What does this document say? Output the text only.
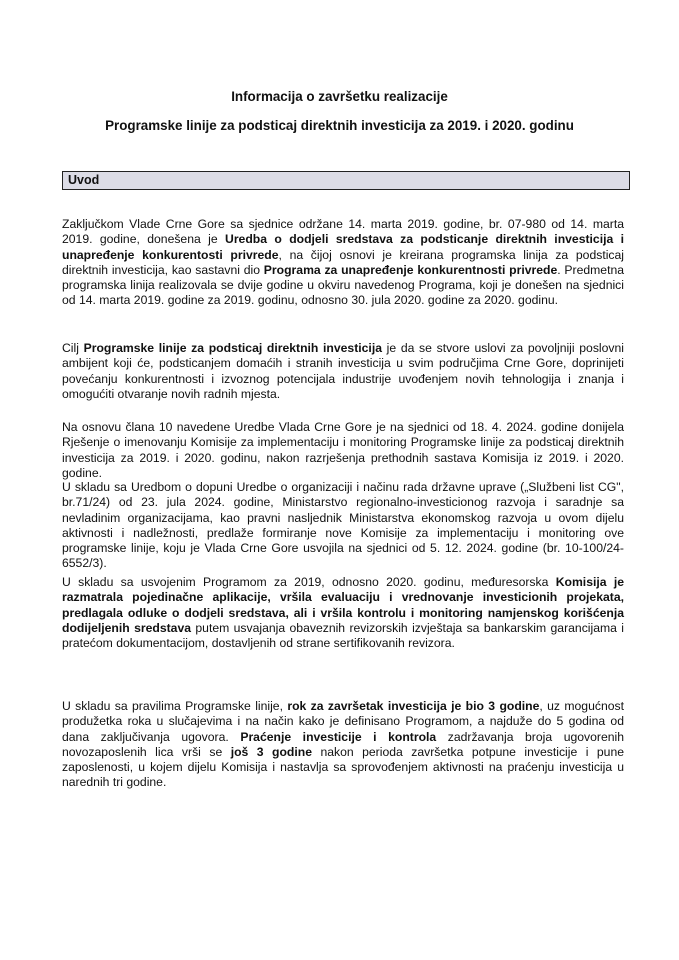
Informacija o završetku realizacije
Programske linije za podsticaj direktnih investicija za 2019. i 2020. godinu
Uvod

Zaključkom Vlade Crne Gore sa sjednice održane 14. marta 2019. godine, br. 07-980 od 14. marta 2019. godine, donešena je Uredba o dodjeli sredstava za podsticanje direktnih investicija i unapređenje konkurentosti privrede, na čijoj osnovi je kreirana programska linija za podsticaj direktnih investicija, kao sastavni dio Programa za unapređenje konkurentnosti privrede. Predmetna programska linija realizovala se dvije godine u okviru navedenog Programa, koji je donešen na sjednici od 14. marta 2019. godine za 2019. godinu, odnosno 30. jula 2020. godine za 2020. godinu.

Cilj Programske linije za podsticaj direktnih investicija je da se stvore uslovi za povoljniji poslovni ambijent koji će, podsticanjem domaćih i stranih investicija u svim područjima Crne Gore, doprinijeti povećanju konkurentnosti i izvoznog potencijala industrije uvođenjem novih tehnologija i znanja i omogućiti otvaranje novih radnih mjesta.

Na osnovu člana 10 navedene Uredbe Vlada Crne Gore je na sjednici od 18. 4. 2024. godine donijela Rješenje o imenovanju Komisije za implementaciju i monitoring Programske linije za podsticaj direktnih investicija za 2019. i 2020. godinu, nakon razrješenja prethodnih sastava Komisija iz 2019. i 2020. godine.

U skladu sa Uredbom o dopuni Uredbe o organizaciji i načinu rada državne uprave („Službeni list CG", br.71/24) od 23. jula 2024. godine, Ministarstvo regionalno-investicionog razvoja i saradnje sa nevladinim organizacijama, kao pravni nasljednik Ministarstva ekonomskog razvoja u ovom dijelu aktivnosti i nadležnosti, predlaže formiranje nove Komisije za implementaciju i monitoring ove programske linije, koju je Vlada Crne Gore usvojila na sjednici od 5. 12. 2024. godine (br. 10-100/24-6552/3).

U skladu sa usvojenim Programom za 2019, odnosno 2020. godinu, međuresorska Komisija je razmatrala pojedinačne aplikacije, vršila evaluaciju i vrednovanje investicionih projekata, predlagala odluke o dodjeli sredstava, ali i vršila kontrolu i monitoring namjenskog korišćenja dodijeljenih sredstava putem usvajanja obaveznih revizorskih izvještaja sa bankarskim garancijama i pratećom dokumentacijom, dostavljenih od strane sertifikovanih revizora.

U skladu sa pravilima Programske linije, rok za završetak investicija je bio 3 godine, uz mogućnost produžetka roka u slučajevima i na način kako je definisano Programom, a najduže do 5 godina od dana zaključivanja ugovora. Praćenje investicije i kontrola zadržavanja broja ugovorenih novozaposlenih lica vrši se još 3 godine nakon perioda završetka potpune investicije i pune zaposlenosti, u kojem dijelu Komisija i nastavlja sa sprovođenjem aktivnosti na praćenju investicija u narednih tri godine.
